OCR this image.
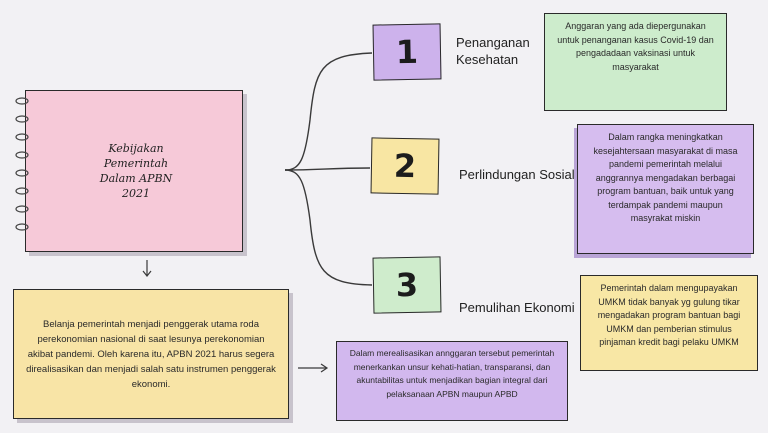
Kebijakan
Pemerintah
Dalam APBN
2021
1	Penanganan Kesehatan
Anggaran yang ada diepergunakan untuk penanganan kasus Covid-19 dan pengadadaan vaksinasi untuk masyarakat
2	Perlindungan Sosial
Dalam rangka meningkatkan kesejahtersaan masyarakat di masa pandemi pemerintah melalui anggrannya mengadakan berbagai program bantuan, baik untuk yang terdampak pandemi maupun masyrakat miskin
3
Pemulihan Ekonomi
Pemerintah dalam mengupayakan UMKM tidak banyak yg gulung tikar mengadakan program bantuan bagi UMKM dan pemberian stimulus pinjaman kredit bagi pelaku UMKM
Belanja pemerintah menjadi penggerak utama roda perekonomian nasional di saat lesunya perekonomian akibat pandemi. Oleh karena itu, APBN 2021 harus segera direalisasikan dan menjadi salah satu instrumen penggerak ekonomi.
Dalam merealisasikan annggaran tersebut pemerintah menerkankan unsur kehati-hatian, transparansi, dan akuntabilitas untuk menjadikan bagian integral dari pelaksanaan APBN maupun APBD
